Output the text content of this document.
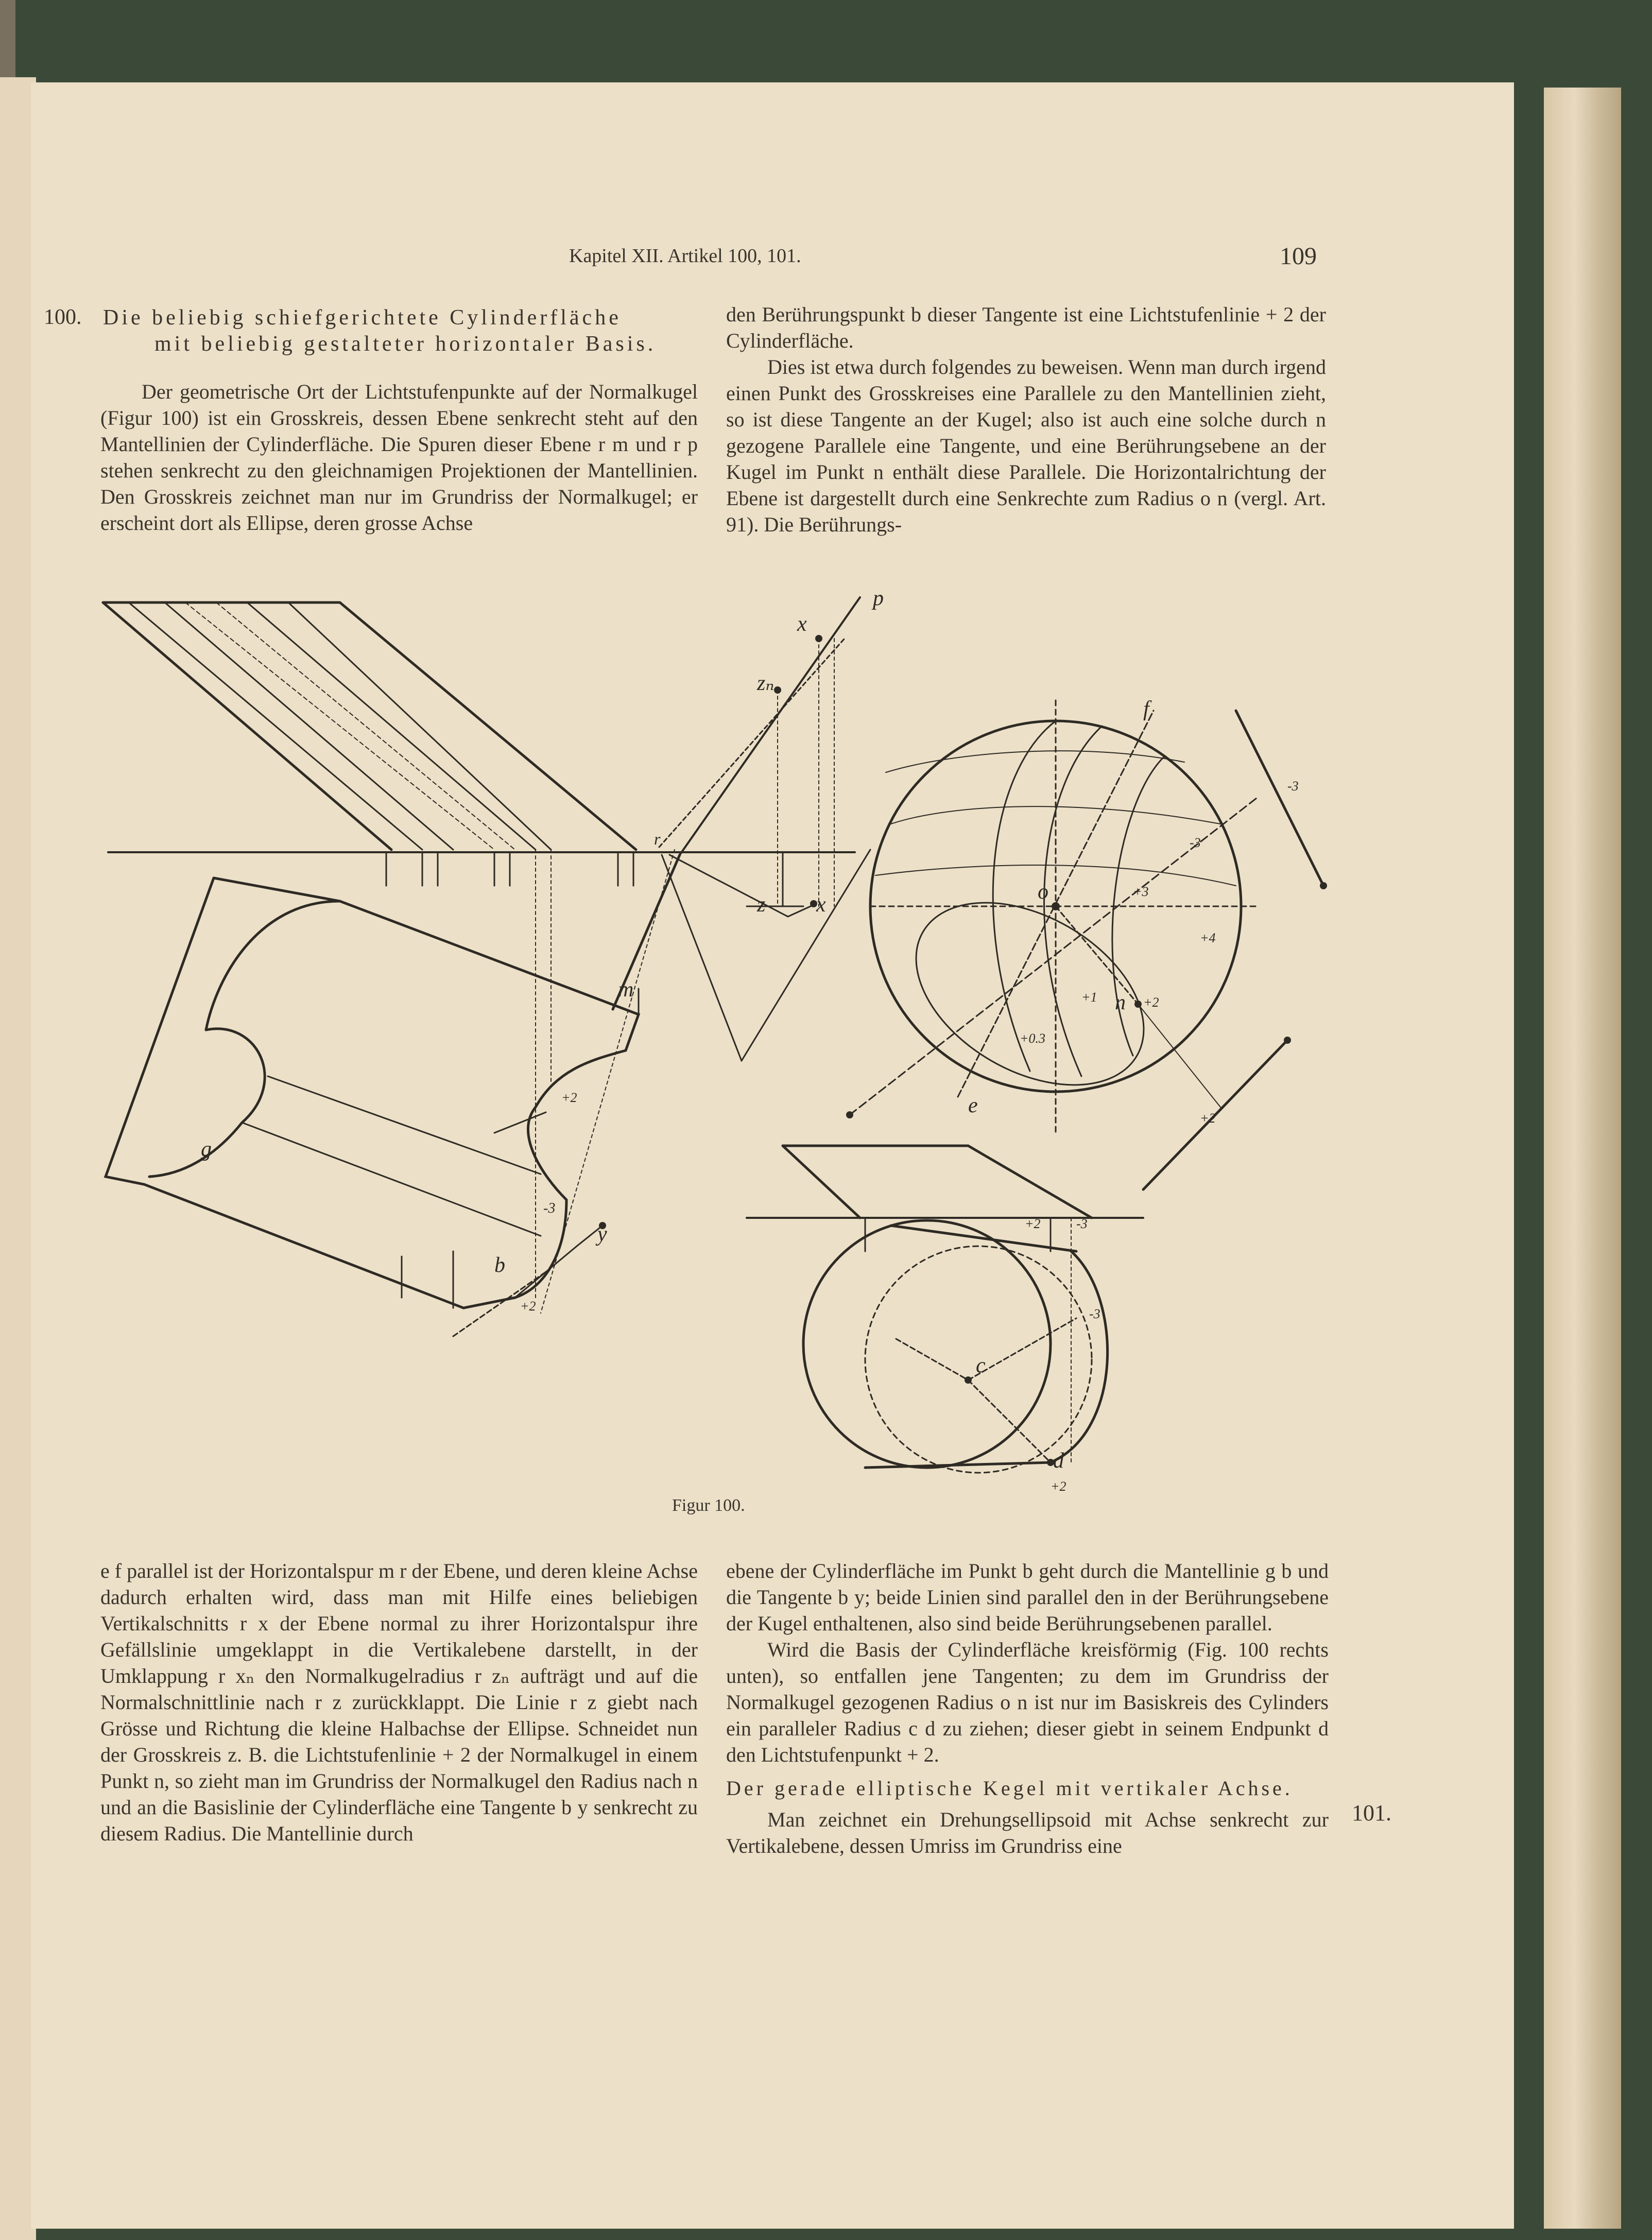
Kapitel XII. Artikel 100, 101.	109
100. Die beliebig schiefgerichtete Cylinderfläche
mit beliebig gestalteter horizontaler Basis.

Der geometrische Ort der Lichtstufenpunkte auf der Normalkugel (Figur 100) ist ein Grosskreis, dessen Ebene senkrecht steht auf den Mantellinien der Cylinderfläche. Die Spuren dieser Ebene r m und r p stehen senkrecht zu den gleichnamigen Projektionen der Mantellinien. Den Grosskreis zeichnet man nur im Grundriss der Normalkugel; er erscheint dort als Ellipse, deren grosse Achse

den Berührungspunkt b dieser Tangente ist eine Lichtstufenlinie + 2 der Cylinderfläche.

Dies ist etwa durch folgendes zu beweisen. Wenn man durch irgend einen Punkt des Grosskreises eine Parallele zu den Mantellinien zieht, so ist diese Tangente an der Kugel; also ist auch eine solche durch n gezogene Parallele eine Tangente, und eine Berührungsebene an der Kugel im Punkt n enthält diese Parallele. Die Horizontalrichtung der Ebene ist dargestellt durch eine Senkrechte zum Radius o n (vergl. Art. 91). Die Berührungs-

p
x
zₙ
r
z x
m
+2
g
-3
y
b
+2
f
o
-3
-3
+3
+4
+1 n +2
+0.3
e
+2
+2	-3
-3
c
d
+2
Figur 100.

e f parallel ist der Horizontalspur m r der Ebene, und deren kleine Achse dadurch erhalten wird, dass man mit Hilfe eines beliebigen Vertikalschnitts r x der Ebene normal zu ihrer Horizontalspur ihre Gefällslinie umgeklappt in die Vertikalebene darstellt, in der Umklappung r xₙ den Normalkugelradius r zₙ aufträgt und auf die Normalschnittlinie nach r z zurückklappt. Die Linie r z giebt nach Grösse und Richtung die kleine Halbachse der Ellipse. Schneidet nun der Grosskreis z. B. die Lichtstufenlinie + 2 der Normalkugel in einem Punkt n, so zieht man im Grundriss der Normalkugel den Radius nach n und an die Basislinie der Cylinderfläche eine Tangente b y senkrecht zu diesem Radius. Die Mantellinie durch

ebene der Cylinderfläche im Punkt b geht durch die Mantellinie g b und die Tangente b y; beide Linien sind parallel den in der Berührungsebene der Kugel enthaltenen, also sind beide Berührungsebenen parallel.

Wird die Basis der Cylinderfläche kreisförmig (Fig. 100 rechts unten), so entfallen jene Tangenten; zu dem im Grundriss der Normalkugel gezogenen Radius o n ist nur im Basiskreis des Cylinders ein paralleler Radius c d zu ziehen; dieser giebt in seinem Endpunkt d den Lichtstufenpunkt + 2.

Der gerade elliptische Kegel mit vertikaler Achse.

Man zeichnet ein Drehungsellipsoid mit Achse senkrecht zur Vertikalebene, dessen Umriss im Grundriss eine

101.
